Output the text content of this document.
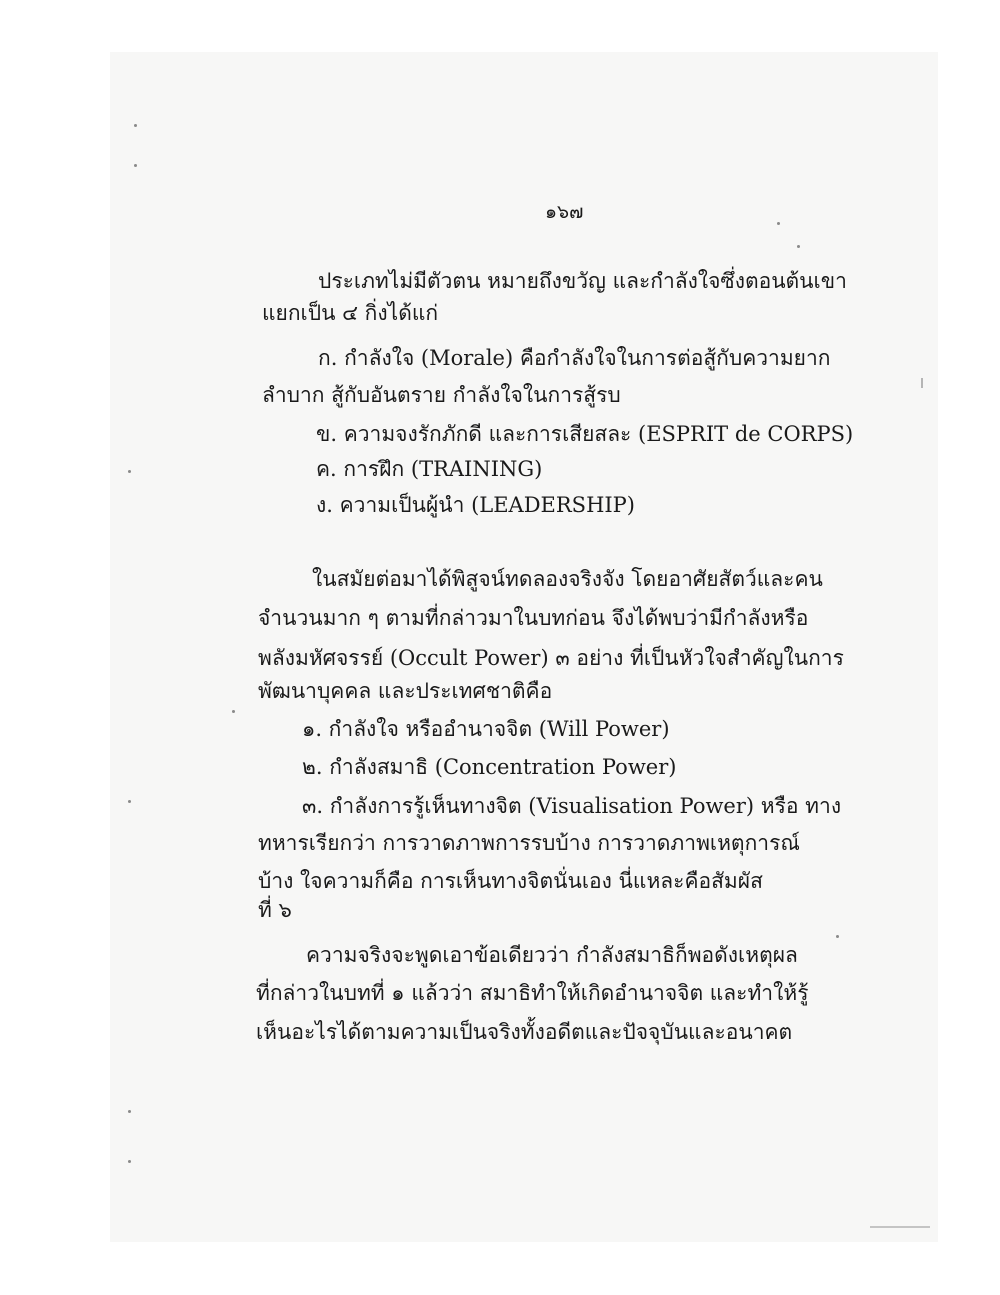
๑๖๗
ประเภทไม่มีตัวตน หมายถึงขวัญ และกำลังใจซึ่งตอนต้นเขา
แยกเป็น ๔ กิ่งได้แก่
ก. กำลังใจ (Morale) คือกำลังใจในการต่อสู้กับความยาก
ลำบาก สู้กับอันตราย กำลังใจในการสู้รบ
ข. ความจงรักภักดี และการเสียสละ (ESPRIT de CORPS)
ค. การฝึก (TRAINING)
ง. ความเป็นผู้นำ (LEADERSHIP)
ในสมัยต่อมาได้พิสูจน์ทดลองจริงจัง โดยอาศัยสัตว์และคน
จำนวนมาก ๆ ตามที่กล่าวมาในบทก่อน จึงได้พบว่ามีกำลังหรือ
พลังมหัศจรรย์ (Occult Power) ๓ อย่าง ที่เป็นหัวใจสำคัญในการ
พัฒนาบุคคล และประเทศชาติคือ
๑. กำลังใจ หรืออำนาจจิต (Will Power)
๒. กำลังสมาธิ (Concentration Power)
๓. กำลังการรู้เห็นทางจิต (Visualisation Power) หรือ ทาง
ทหารเรียกว่า การวาดภาพการรบบ้าง การวาดภาพเหตุการณ์
บ้าง ใจความก็คือ การเห็นทางจิตนั่นเอง นี่แหละคือสัมผัส
ที่ ๖
ความจริงจะพูดเอาข้อเดียวว่า กำลังสมาธิก็พอดังเหตุผล
ที่กล่าวในบทที่ ๑ แล้วว่า สมาธิทำให้เกิดอำนาจจิต และทำให้รู้
เห็นอะไรได้ตามความเป็นจริงทั้งอดีตและปัจจุบันและอนาคต
